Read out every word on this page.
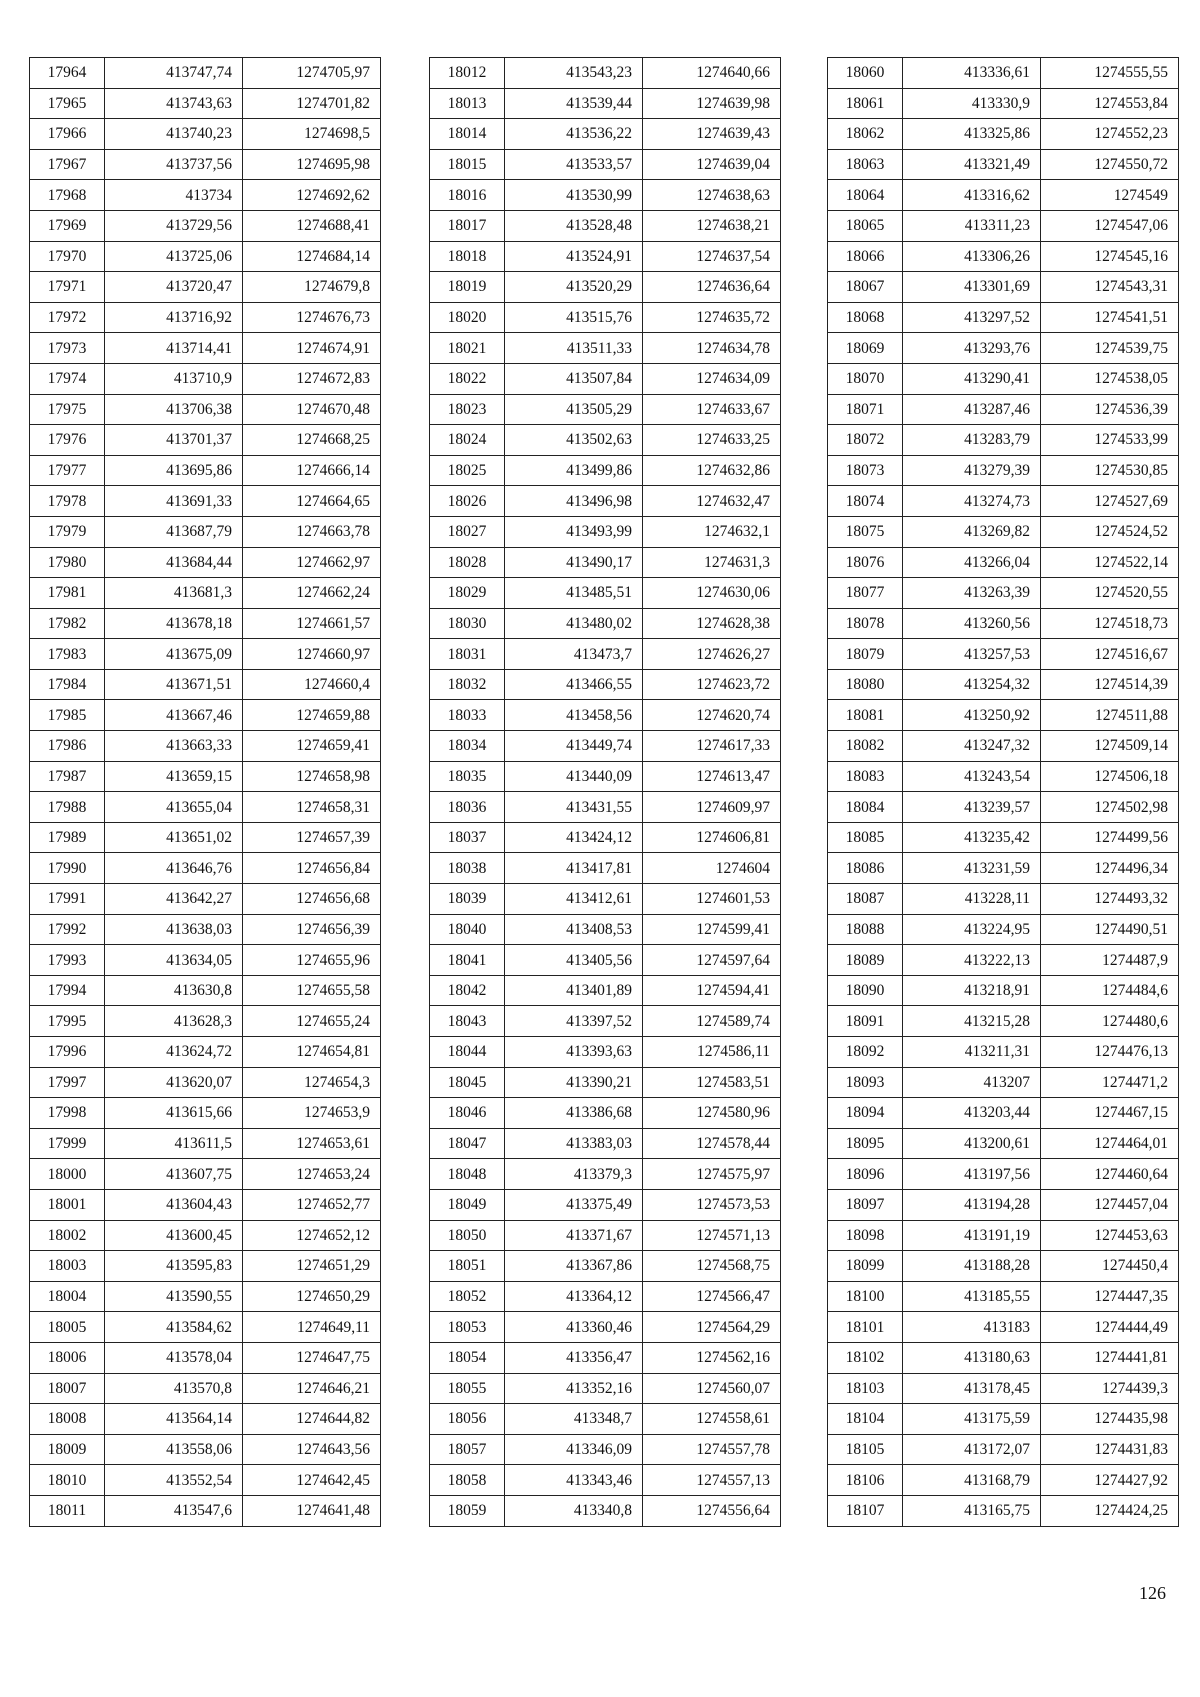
17964	413747,74	1274705,97
17965	413743,63	1274701,82
17966	413740,23	1274698,5
17967	413737,56	1274695,98
17968	413734	1274692,62
17969	413729,56	1274688,41
17970	413725,06	1274684,14
17971	413720,47	1274679,8
17972	413716,92	1274676,73
17973	413714,41	1274674,91
17974	413710,9	1274672,83
17975	413706,38	1274670,48
17976	413701,37	1274668,25
17977	413695,86	1274666,14
17978	413691,33	1274664,65
17979	413687,79	1274663,78
17980	413684,44	1274662,97
17981	413681,3	1274662,24
17982	413678,18	1274661,57
17983	413675,09	1274660,97
17984	413671,51	1274660,4
17985	413667,46	1274659,88
17986	413663,33	1274659,41
17987	413659,15	1274658,98
17988	413655,04	1274658,31
17989	413651,02	1274657,39
17990	413646,76	1274656,84
17991	413642,27	1274656,68
17992	413638,03	1274656,39
17993	413634,05	1274655,96
17994	413630,8	1274655,58
17995	413628,3	1274655,24
17996	413624,72	1274654,81
17997	413620,07	1274654,3
17998	413615,66	1274653,9
17999	413611,5	1274653,61
18000	413607,75	1274653,24
18001	413604,43	1274652,77
18002	413600,45	1274652,12
18003	413595,83	1274651,29
18004	413590,55	1274650,29
18005	413584,62	1274649,11
18006	413578,04	1274647,75
18007	413570,8	1274646,21
18008	413564,14	1274644,82
18009	413558,06	1274643,56
18010	413552,54	1274642,45
18011	413547,6	1274641,48
18012	413543,23	1274640,66
18013	413539,44	1274639,98
18014	413536,22	1274639,43
18015	413533,57	1274639,04
18016	413530,99	1274638,63
18017	413528,48	1274638,21
18018	413524,91	1274637,54
18019	413520,29	1274636,64
18020	413515,76	1274635,72
18021	413511,33	1274634,78
18022	413507,84	1274634,09
18023	413505,29	1274633,67
18024	413502,63	1274633,25
18025	413499,86	1274632,86
18026	413496,98	1274632,47
18027	413493,99	1274632,1
18028	413490,17	1274631,3
18029	413485,51	1274630,06
18030	413480,02	1274628,38
18031	413473,7	1274626,27
18032	413466,55	1274623,72
18033	413458,56	1274620,74
18034	413449,74	1274617,33
18035	413440,09	1274613,47
18036	413431,55	1274609,97
18037	413424,12	1274606,81
18038	413417,81	1274604
18039	413412,61	1274601,53
18040	413408,53	1274599,41
18041	413405,56	1274597,64
18042	413401,89	1274594,41
18043	413397,52	1274589,74
18044	413393,63	1274586,11
18045	413390,21	1274583,51
18046	413386,68	1274580,96
18047	413383,03	1274578,44
18048	413379,3	1274575,97
18049	413375,49	1274573,53
18050	413371,67	1274571,13
18051	413367,86	1274568,75
18052	413364,12	1274566,47
18053	413360,46	1274564,29
18054	413356,47	1274562,16
18055	413352,16	1274560,07
18056	413348,7	1274558,61
18057	413346,09	1274557,78
18058	413343,46	1274557,13
18059	413340,8	1274556,64
18060	413336,61	1274555,55
18061	413330,9	1274553,84
18062	413325,86	1274552,23
18063	413321,49	1274550,72
18064	413316,62	1274549
18065	413311,23	1274547,06
18066	413306,26	1274545,16
18067	413301,69	1274543,31
18068	413297,52	1274541,51
18069	413293,76	1274539,75
18070	413290,41	1274538,05
18071	413287,46	1274536,39
18072	413283,79	1274533,99
18073	413279,39	1274530,85
18074	413274,73	1274527,69
18075	413269,82	1274524,52
18076	413266,04	1274522,14
18077	413263,39	1274520,55
18078	413260,56	1274518,73
18079	413257,53	1274516,67
18080	413254,32	1274514,39
18081	413250,92	1274511,88
18082	413247,32	1274509,14
18083	413243,54	1274506,18
18084	413239,57	1274502,98
18085	413235,42	1274499,56
18086	413231,59	1274496,34
18087	413228,11	1274493,32
18088	413224,95	1274490,51
18089	413222,13	1274487,9
18090	413218,91	1274484,6
18091	413215,28	1274480,6
18092	413211,31	1274476,13
18093	413207	1274471,2
18094	413203,44	1274467,15
18095	413200,61	1274464,01
18096	413197,56	1274460,64
18097	413194,28	1274457,04
18098	413191,19	1274453,63
18099	413188,28	1274450,4
18100	413185,55	1274447,35
18101	413183	1274444,49
18102	413180,63	1274441,81
18103	413178,45	1274439,3
18104	413175,59	1274435,98
18105	413172,07	1274431,83
18106	413168,79	1274427,92
18107	413165,75	1274424,25
126
